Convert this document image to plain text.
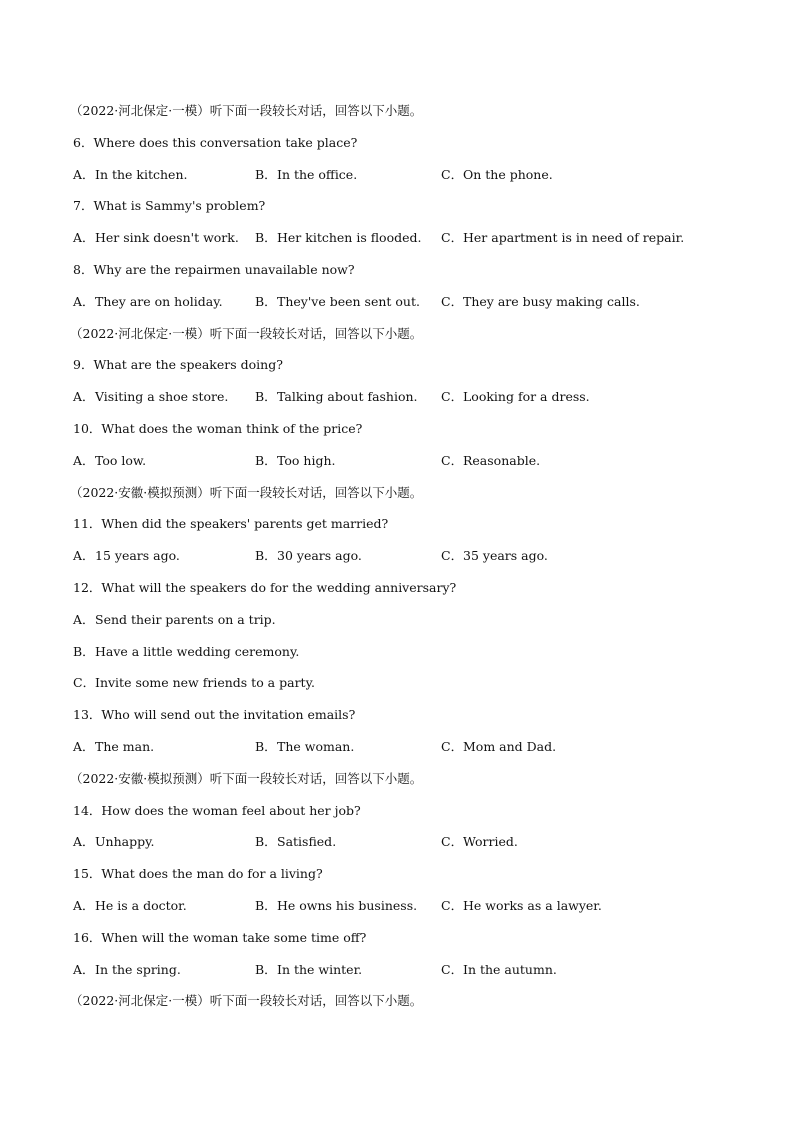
（2022·河北保定·一模）听下面一段较长对话，回答以下小题。
6．Where does this conversation take place?
A．In the kitchen.	B．In the office.	C．On the phone.
7．What is Sammy's problem?
A．Her sink doesn't work. B．Her kitchen is flooded. C．Her apartment is in need of repair.
8．Why are the repairmen unavailable now?
A．They are on holiday.	B．They've been sent out. C．They are busy making calls.
（2022·河北保定·一模）听下面一段较长对话，回答以下小题。
9．What are the speakers doing?
A．Visiting a shoe store. B．Talking about fashion. C．Looking for a dress.
10．What does the woman think of the price?
A．Too low.	B．Too high.	C．Reasonable.
（2022·安徽·模拟预测）听下面一段较长对话，回答以下小题。
11．When did the speakers' parents get married?
A．15 years ago.	B．30 years ago.	C．35 years ago.
12．What will the speakers do for the wedding anniversary?
A．Send their parents on a trip.
B．Have a little wedding ceremony.
C．Invite some new friends to a party.
13．Who will send out the invitation emails?
A．The man.	B．The woman.	C．Mom and Dad.
（2022·安徽·模拟预测）听下面一段较长对话，回答以下小题。
14．How does the woman feel about her job?
A．Unhappy.	B．Satisfied.	C．Worried.
15．What does the man do for a living?
A．He is a doctor.	B．He owns his business. C．He works as a lawyer.
16．When will the woman take some time off?
A．In the spring.	B．In the winter.	C．In the autumn.
（2022·河北保定·一模）听下面一段较长对话，回答以下小题。
